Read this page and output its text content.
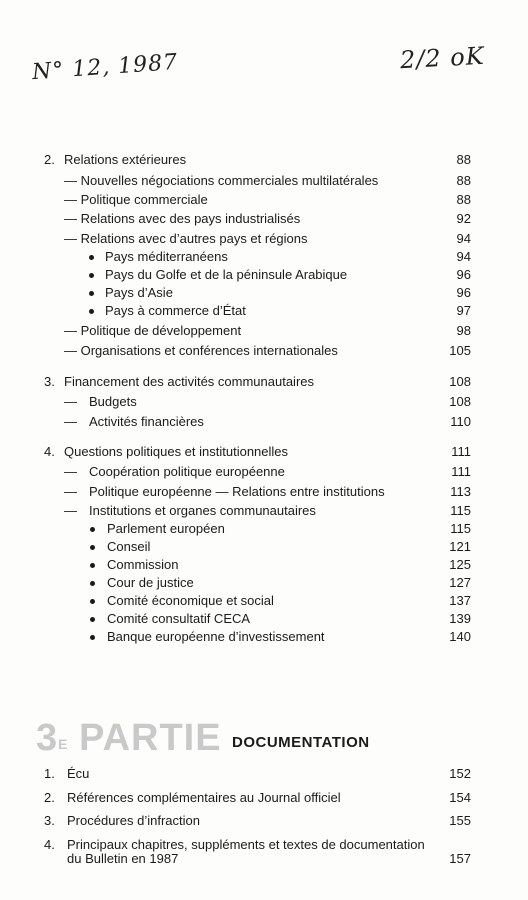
N° 12, 1987	2/2 oK
2. Relations extérieures	88
— Nouvelles négociations commerciales multilatérales	88
— Politique commerciale	88
— Relations avec des pays industrialisés	92
— Relations avec d’autres pays et régions	94
Pays méditerranéens	94
Pays du Golfe et de la péninsule Arabique	96
Pays d’Asie	96
Pays à commerce d’État	97
— Politique de développement	98
— Organisations et conférences internationales	105
3. Financement des activités communautaires	108
— Budgets	108
— Activités financières	110
4. Questions politiques et institutionnelles	111
— Coopération politique européenne	111
— Politique européenne — Relations entre institutions	113
— Institutions et organes communautaires	115
Parlement européen	115
Conseil	121
Commission	125
Cour de justice	127
Comité économique et social	137
Comité consultatif CECA	139
Banque européenne d’investissement	140
$3^E$ PARTIE DOCUMENTATION
1. Écu	152
2. Références complémentaires au Journal officiel	154
3. Procédures d’infraction	155
4. Principaux chapitres, suppléments et textes de documentation
du Bulletin en 1987	157
